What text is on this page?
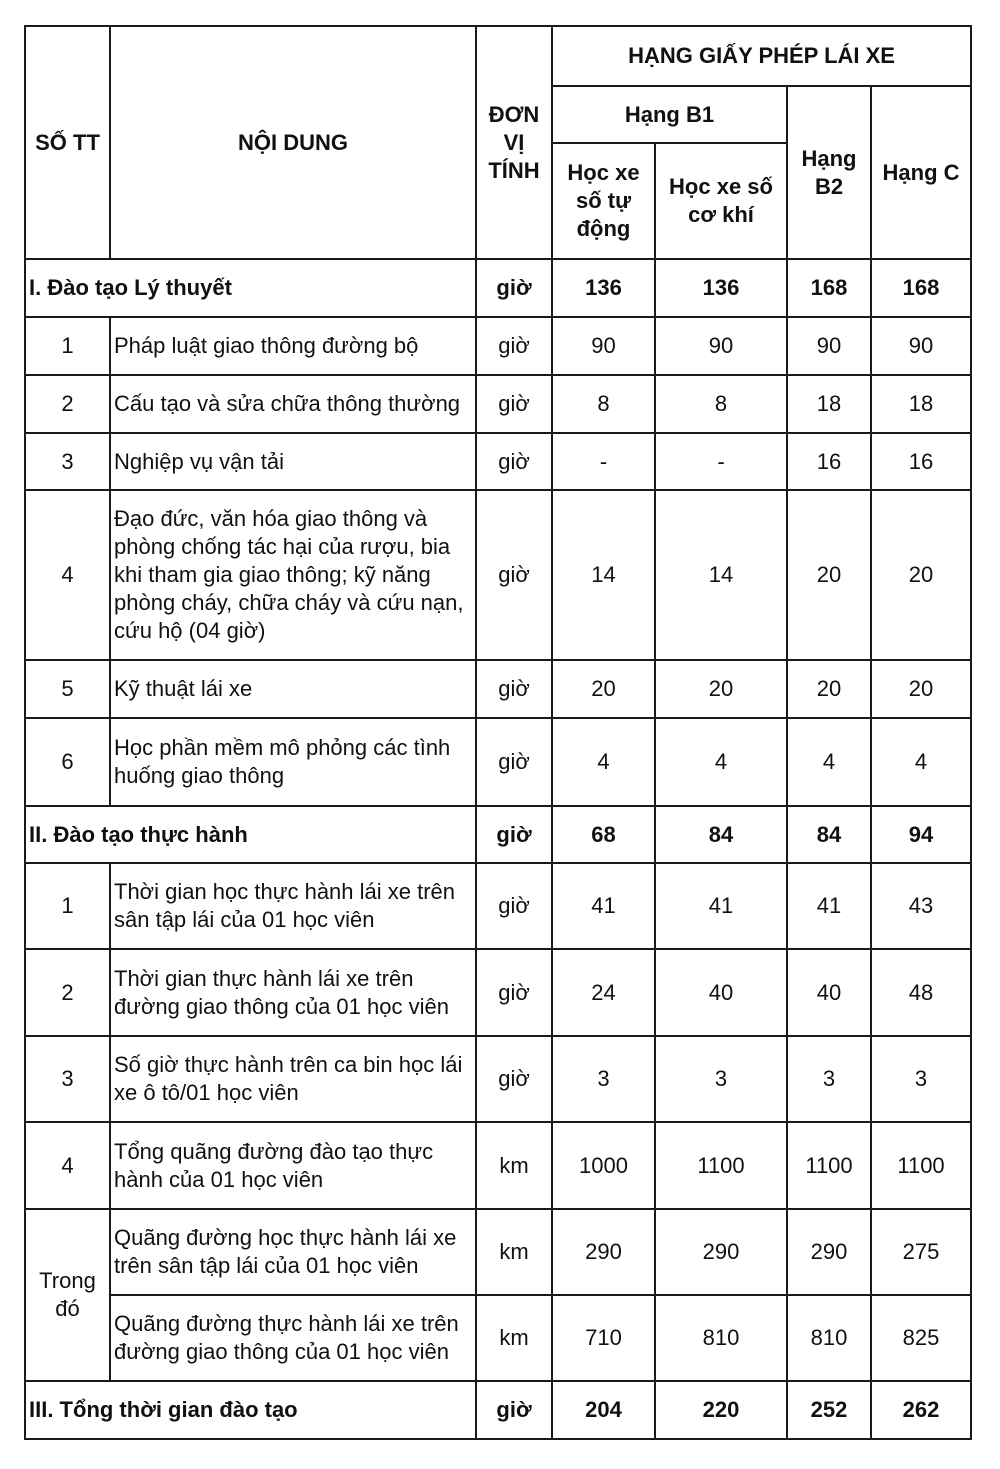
SỐ TT	NỘI DUNG	ĐƠN VỊ TÍNH	HẠNG GIẤY PHÉP LÁI XE			
			Hạng B1		Hạng B2	Hạng C
			Học xe số tự động	Học xe số cơ khí		
I. Đào tạo Lý thuyết		giờ	136	136	168	168
1	Pháp luật giao thông đường bộ	giờ	90	90	90	90
2	Cấu tạo và sửa chữa thông thường	giờ	8	8	18	18
3	Nghiệp vụ vận tải	giờ	-	-	16	16
4	Đạo đức, văn hóa giao thông và phòng chống tác hại của rượu, bia khi tham gia giao thông; kỹ năng phòng cháy, chữa cháy và cứu nạn, cứu hộ (04 giờ)	giờ	14	14	20	20
5	Kỹ thuật lái xe	giờ	20	20	20	20
6	Học phần mềm mô phỏng các tình huống giao thông	giờ	4	4	4	4
II. Đào tạo thực hành		giờ	68	84	84	94
1	Thời gian học thực hành lái xe trên sân tập lái của 01 học viên	giờ	41	41	41	43
2	Thời gian thực hành lái xe trên đường giao thông của 01 học viên	giờ	24	40	40	48
3	Số giờ thực hành trên ca bin học lái xe ô tô/01 học viên	giờ	3	3	3	3
4	Tổng quãng đường đào tạo thực hành của 01 học viên	km	1000	1100	1100	1100
Trong đó	Quãng đường học thực hành lái xe trên sân tập lái của 01 học viên	km	290	290	290	275
	Quãng đường thực hành lái xe trên đường giao thông của 01 học viên	km	710	810	810	825
III. Tổng thời gian đào tạo		giờ	204	220	252	262
